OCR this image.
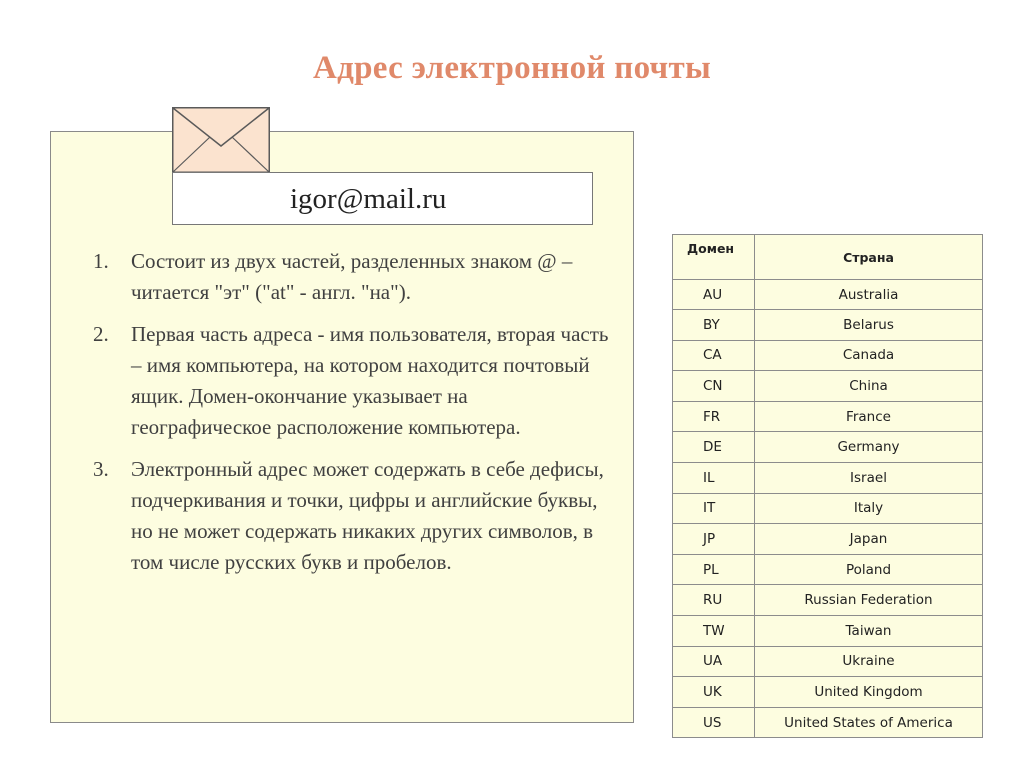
Адрес электронной почты
igor@mail.ru
1. Состоит из двух частей, разделенных знаком @ – читается "эт" ("at" - англ. "на").
2. Первая часть адреса - имя пользователя, вторая часть – имя компьютера, на котором находится почтовый ящик. Домен-окончание указывает на географическое расположение компьютера.
3. Электронный адрес может содержать в себе дефисы, подчеркивания и точки, цифры и английские буквы, но не может содержать никаких других символов, в том числе русских букв и пробелов.
Домен	Страна
AU	Australia
BY	Belarus
CA	Canada
CN	China
FR	France
DE	Germany
IL	Israel
IT	Italy
JP	Japan
PL	Poland
RU	Russian Federation
TW	Taiwan
UA	Ukraine
UK	United Kingdom
US	United States of America
